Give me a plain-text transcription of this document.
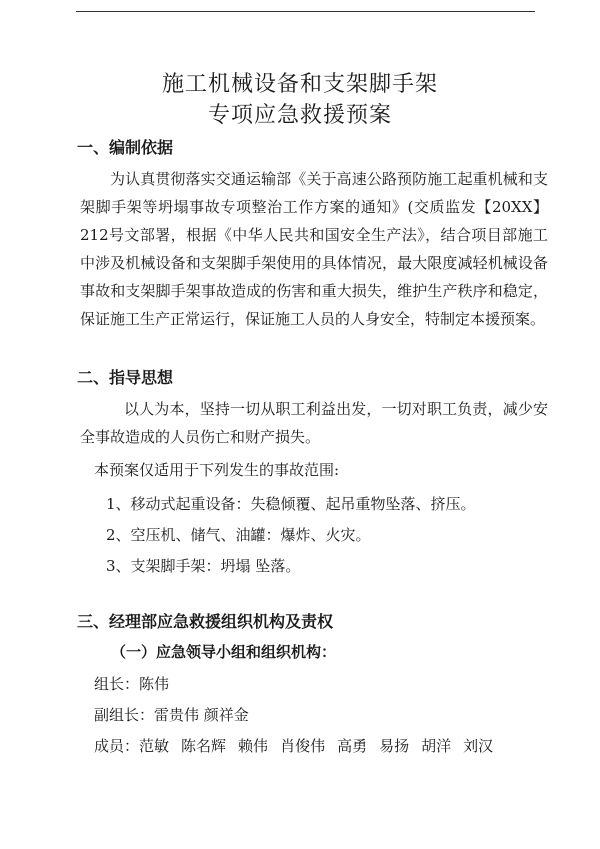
施工机械设备和支架脚手架
专项应急救援预案
一、编制依据

为认真贯彻落实交通运输部《关于高速公路预防施工起重机械和支架脚手架等坍塌事故专项整治工作方案的通知》(交质监发【20XX】212号文部署，根据《中华人民共和国安全生产法》，结合项目部施工中涉及机械设备和支架脚手架使用的具体情况，最大限度减轻机械设备事故和支架脚手架事故造成的伤害和重大损失，维护生产秩序和稳定，保证施工生产正常运行，保证施工人员的人身安全，特制定本援预案。

二、指导思想

以人为本，坚持一切从职工利益出发，一切对职工负责，减少安全事故造成的人员伤亡和财产损失。

本预案仅适用于下列发生的事故范围:

1、移动式起重设备：失稳倾覆、起吊重物坠落、挤压。

2、空压机、储气、油罐：爆炸、火灾。

3、支架脚手架：坍塌 坠落。

三、经理部应急救援组织机构及责权

（一）应急领导小组和组织机构：

组长：陈伟

副组长：雷贵伟 颜祥金

成员：范敏 陈名辉 赖伟 肖俊伟 高勇 易扬 胡洋 刘汉
